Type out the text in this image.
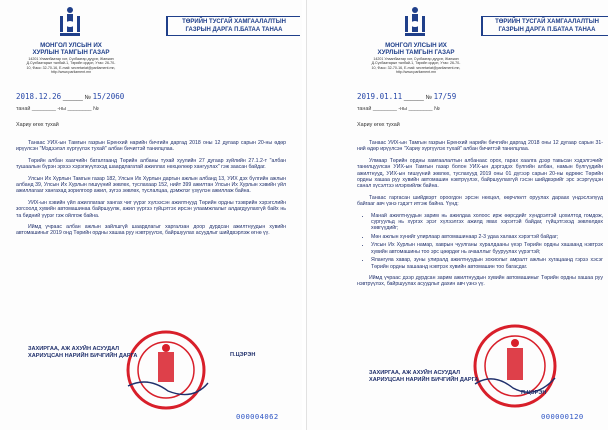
МОНГОЛ УЛСЫН ИХ ХУРЛЫН ТАМГЫН ГАЗАР
14201 Улаанбаатар хот, Сүхбаатар дүүрэг, Жанжин Д.Сүхбаатарын талбай-1, Төрийн ордон, Утас: 26-70-10, Факс: 32-70-16, E-mail: secretariat@parliament.mn, http://www.parliament.mn
ТӨРИЙН ТУСГАЙ ХАМГААЛАЛТЫН ГАЗРЫН ДАРГА П.БАТАА ТАНАА
2018.12.26 ______ № 15/2060
танай ________ -ны ________ №
Хариу өгөх тухай

Танаас УИХ-ын Тамгын газрын Еренхий нарийн бичгийн даргад 2018 оны 12 дугаар сарын 20-ны өдөр ирүүлсэн "Мэдээлэл хүргүүлэх тухай" албан бичигтэй танилцлаа.

Төрийн албан хаагчийн баталгаанд Төрийн албаны тухай хуулийн 27 дугаар зүйлийн 27.1.2-т "албан тушаалын бүрэн эрхээ хэрэгжүүлэхэд шаардлагатай ажиллах нөхцөлөөр хангуулах" гэж заасан байдаг.

Улсын Их Хурлын Тамгын газар 182, Улсын Их Хурлын даргын ажлын албанд 13, УИХ дэх бүлгийн ажлын албанд 39, Улсын Их Хурлын гишүүний зөвлөх, туслахаар 152, нийт 399 ажилтан Улсын Их Хурлын хэвийн үйл ажиллагааг хангахад зорилгоор ажил, зүгээ зөвлөх, туслалцаа, дэмжлэг үзүүлэн ажиллаж байна.

УИХ-ын хэвийн үйл ажиллагааг хангах чиг үүрэг хүлээсэн ажилтнууд Төрийн ордны тээврийн хэрэгслийн зогсоолд хувийн автомашинаа байршуулж, ажил үүргээ гүйцэтгэх ирсэн улаамжлалыг алдагдуулахгүй байх нь та бидний үүрэг гэж ойлгож байна.

Иймд үчраас албан ажлын зайлшгүй шаардлагыг харгалзан доор дурдсан ажилтнуудын хувийн автомашиныг 2019 онд Төрийн ордны хашаа руу нэвтрүүлэх, байршуулах асуудлыг шийдвэрлэж өгнө үү.

ЗАХИРГАА, АЖ АХУЙН АСУУДАЛ ХАРИУЦСАН НАРИЙН БИЧГИЙН ДАРГА	П.ЦЭРЭН
000004062
МОНГОЛ УЛСЫН ИХ ХУРЛЫН ТАМГЫН ГАЗАР
14201 Улаанбаатар хот, Сүхбаатар дүүрэг, Жанжин Д.Сүхбаатарын талбай-1, Төрийн ордон, Утас: 26-70-10, Факс: 32-70-16, E-mail: secretariat@parliament.mn, http://www.parliament.mn
ТӨРИЙН ТУСГАЙ ХАМГААЛАЛТЫН ГАЗРЫН ДАРГА П.БАТАА ТАНАА
2019.01.11 ______ № 17/59
танай ________ -ны ________ №
Хариу өгөх тухай

Танаас УИХ-ын Тамгын газрын Еренхий нарийн бичгийн даргад 2018 оны 12 дугаар сарын 31-ний өдөр ирүүлсэн "Хариу хүргүүлэх тухай" албан бичигтэй танилцлаа.

Улмаар Төрийн ордны хамгаалалтын албанаас орох, гарах хаалга дээр тавьсан хэдэлгэчийг танилцуулсан УИХ-ын Тамгын газар болон УИХ-ын дэргэдэх бүлгийн албан, намын бүлгүүдийн ажилтнууд, УИХ-ын гишүүний зөвлөх, туслахууд 2019 оны 01 дүгээр сарын 20-ны өдрөөс Төрийн ордны хашаа руу хувийн автомашин нэвтрүүлэх, байршуулахгүй гэсэн шийдвэрийг эрс эсэргүүцэн санал хүсэлтээ илэрхийлж байна.

Танаас гаргасан шийдвэрт ороогдон эрсэн нөхцөл, өөрчлөлт оруулах дараах үндэслэлүүд байгааг авч үзнэ гэдэгт итгэж байна. Үүнд:

• Манай ажилтнуудын зарим нь ажилдаа холоос ирж өөрсдийг хүндрэлтэй цохилтод гомдож, сургуульд нь хүргэх эрэг хүлээлгэх ажилд явах хэрэгтэй байдаг, гүйцэтгэхэд зөвлөлдөх хөвгүүдийг;
• Мөн ажлын хүнийг улирлаар автомашинаар 2-3 удаа халаах хэрэгтэй байдаг;
• Улсын Их Хурлын намар, хаврын чуулганы хуралдааны үеэр Төрийн ордны хашаанд нэвтрэх хувийн автомашины тоо эрс цөөрдөг нь ачааллыг бууруулах үүрэгтэй;
• Ялангуяа хавар, зуны улиралд ажилтнуудын зохиолыг амралт ажлын хугацаанд гэрээ хэсэг Төрийн ордны хашаанд нэвтрэх хувийн автомашин тоо багасдаг.

Иймд үчраас дээр дурдсан зарим ажилтнуудын хувийн автомашиныг Төрийн ордны хашаа руу нэвтрүүлэх, байршуулах асуудлыг дахин авч үзнэ үү.

ЗАХИРГАА, АЖ АХУЙН АСУУДАЛ ХАРИУЦСАН НАРИЙН БИЧГИЙН ДАРГА
П.ЦЭРЭН
000000120
